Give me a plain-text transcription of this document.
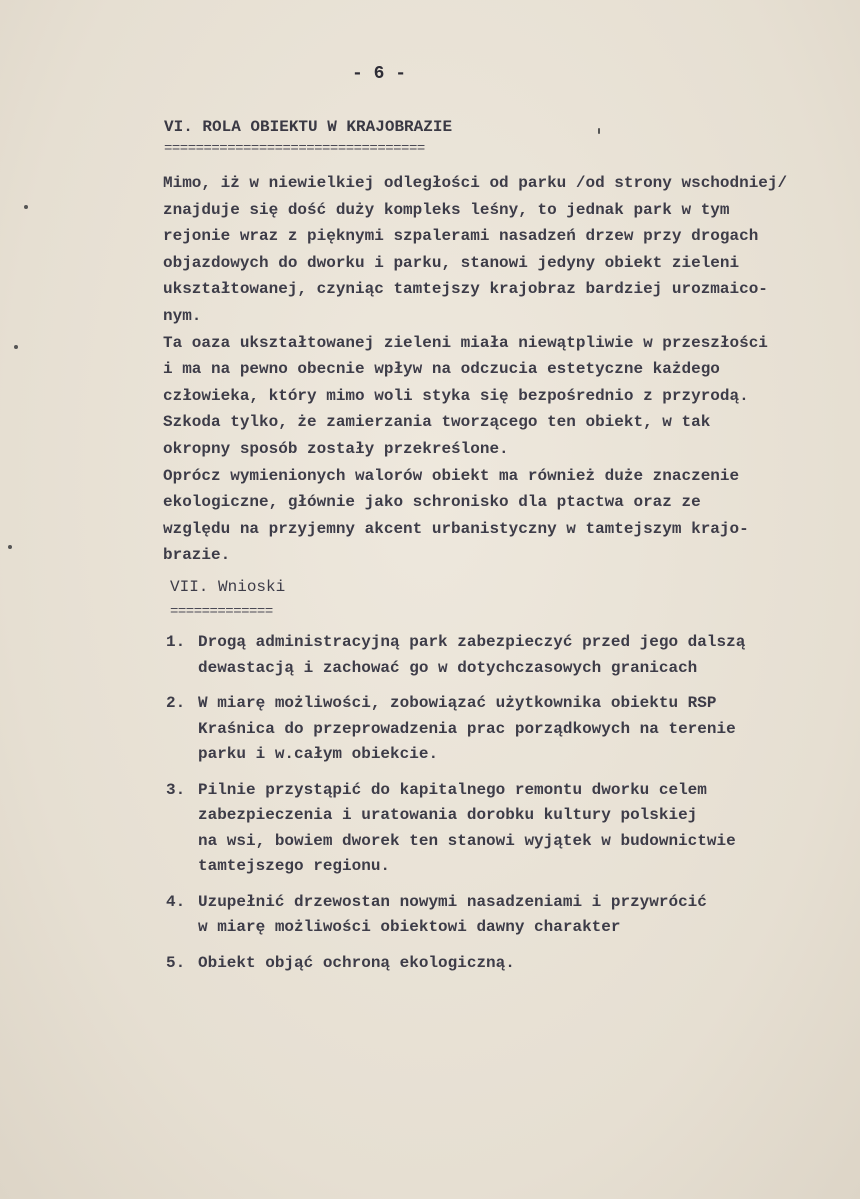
- 6 -
VI. ROLA OBIEKTU W KRAJOBRAZIE
=================================
Mimo, iż w niewielkiej odległości od parku /od strony wschodniej/
znajduje się dość duży kompleks leśny, to jednak park w tym
rejonie wraz z pięknymi szpalerami nasadzeń drzew przy drogach
objazdowych do dworku i parku, stanowi jedyny obiekt zieleni
ukształtowanej, czyniąc tamtejszy krajobraz bardziej urozmaico-
nym.
Ta oaza ukształtowanej zieleni miała niewątpliwie w przeszłości
i ma na pewno obecnie wpływ na odczucia estetyczne każdego
człowieka, który mimo woli styka się bezpośrednio z przyrodą.
Szkoda tylko, że zamierzania tworzącego ten obiekt, w tak
okropny sposób zostały przekreślone.
Oprócz wymienionych walorów obiekt ma również duże znaczenie
ekologiczne, głównie jako schronisko dla ptactwa oraz ze
względu na przyjemny akcent urbanistyczny w tamtejszym krajo-
brazie.
VII. Wnioski
=============
1. Drogą administracyjną park zabezpieczyć przed jego dalszą
dewastacją i zachować go w dotychczasowych granicach
2. W miarę możliwości, zobowiązać użytkownika obiektu RSP
Kraśnica do przeprowadzenia prac porządkowych na terenie
parku i w.całym obiekcie.
3. Pilnie przystąpić do kapitalnego remontu dworku celem
zabezpieczenia i uratowania dorobku kultury polskiej
na wsi, bowiem dworek ten stanowi wyjątek w budownictwie
tamtejszego regionu.
4. Uzupełnić drzewostan nowymi nasadzeniami i przywrócić
w miarę możliwości obiektowi dawny charakter
5. Obiekt objąć ochroną ekologiczną.
